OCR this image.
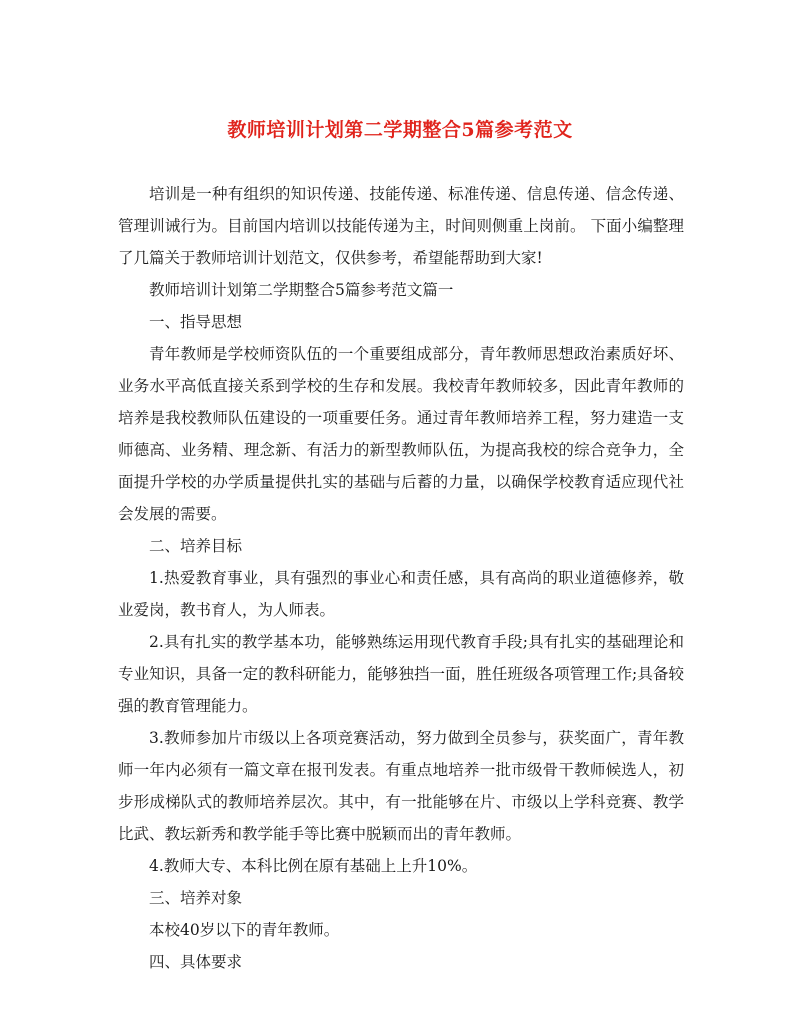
教师培训计划第二学期整合5篇参考范文

培训是一种有组织的知识传递、技能传递、标准传递、信息传递、信念传递、管理训诫行为。目前国内培训以技能传递为主，时间则侧重上岗前。 下面小编整理了几篇关于教师培训计划范文，仅供参考，希望能帮助到大家!

教师培训计划第二学期整合5篇参考范文篇一

一、指导思想

青年教师是学校师资队伍的一个重要组成部分，青年教师思想政治素质好坏、业务水平高低直接关系到学校的生存和发展。我校青年教师较多，因此青年教师的培养是我校教师队伍建设的一项重要任务。通过青年教师培养工程，努力建造一支师德高、业务精、理念新、有活力的新型教师队伍，为提高我校的综合竞争力，全面提升学校的办学质量提供扎实的基础与后蓄的力量，以确保学校教育适应现代社会发展的需要。

二、培养目标

1.热爱教育事业，具有强烈的事业心和责任感，具有高尚的职业道德修养，敬业爱岗，教书育人，为人师表。

2.具有扎实的教学基本功，能够熟练运用现代教育手段;具有扎实的基础理论和专业知识，具备一定的教科研能力，能够独挡一面，胜任班级各项管理工作;具备较强的教育管理能力。

3.教师参加片市级以上各项竞赛活动，努力做到全员参与，获奖面广，青年教师一年内必须有一篇文章在报刊发表。有重点地培养一批市级骨干教师候选人，初步形成梯队式的教师培养层次。其中，有一批能够在片、市级以上学科竞赛、教学比武、教坛新秀和教学能手等比赛中脱颖而出的青年教师。

4.教师大专、本科比例在原有基础上上升10%。

三、培养对象

本校40岁以下的青年教师。

四、具体要求
